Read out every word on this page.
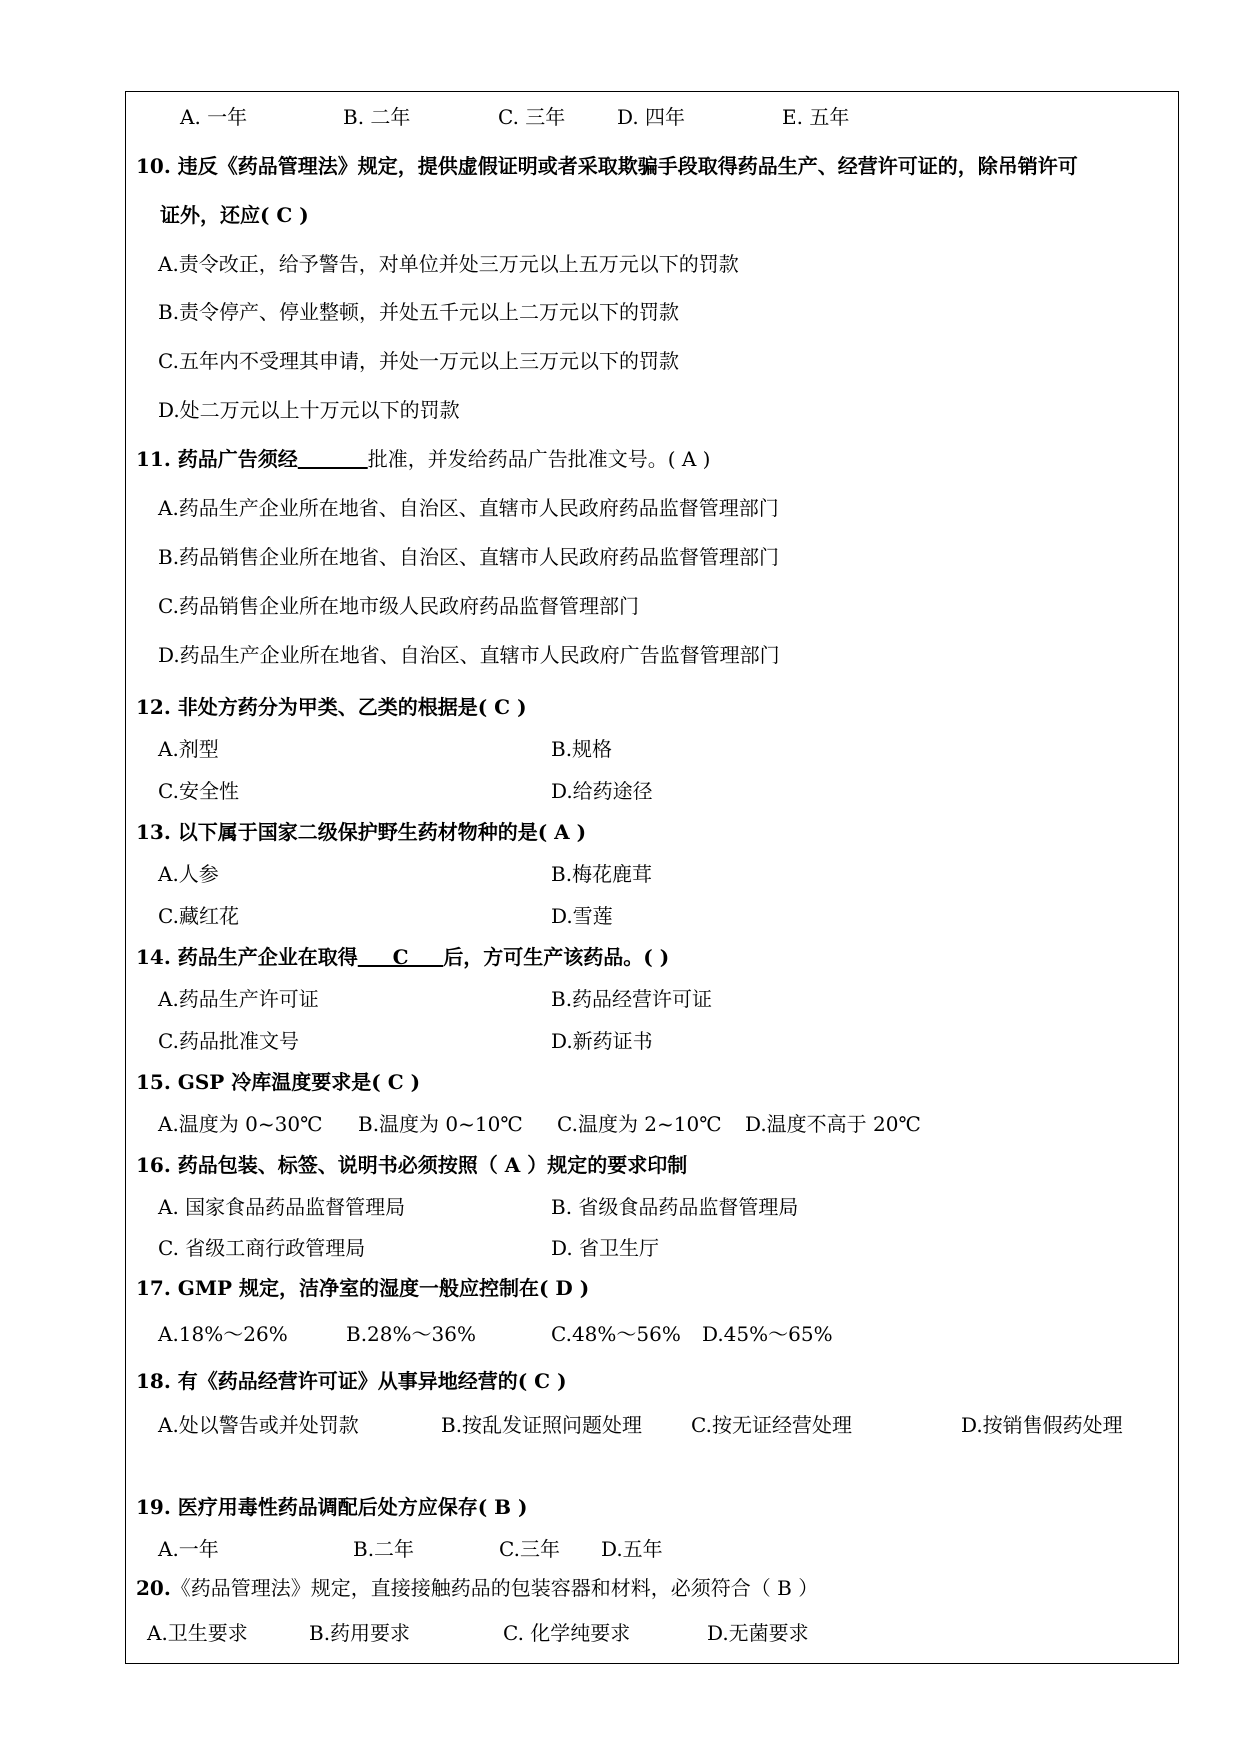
A. 一年	B. 二年	C. 三年	D. 四年	E. 五年
10. 违反《药品管理法》规定，提供虚假证明或者采取欺骗手段取得药品生产、经营许可证的，除吊销许可
证外，还应( C )
A.责令改正，给予警告，对单位并处三万元以上五万元以下的罚款
B.责令停产、停业整顿，并处五千元以上二万元以下的罚款
C.五年内不受理其申请，并处一万元以上三万元以下的罚款
D.处二万元以上十万元以下的罚款
11. 药品广告须经	批准，并发给药品广告批准文号。( A )
A.药品生产企业所在地省、自治区、直辖市人民政府药品监督管理部门
B.药品销售企业所在地省、自治区、直辖市人民政府药品监督管理部门
C.药品销售企业所在地市级人民政府药品监督管理部门
D.药品生产企业所在地省、自治区、直辖市人民政府广告监督管理部门
12. 非处方药分为甲类、乙类的根据是( C )
A.剂型	B.规格
C.安全性	D.给药途径
13. 以下属于国家二级保护野生药材物种的是( A )
A.人参	B.梅花鹿茸
C.藏红花	D.雪莲
14. 药品生产企业在取得     C     后，方可生产该药品。( )
A.药品生产许可证	B.药品经营许可证
C.药品批准文号	D.新药证书
15. GSP 冷库温度要求是( C )
A.温度为 0~30℃ B.温度为 0~10℃ C.温度为 2~10℃ D.温度不高于 20℃
16. 药品包装、标签、说明书必须按照（ A ）规定的要求印制
A. 国家食品药品监督管理局	B. 省级食品药品监督管理局
C. 省级工商行政管理局	D. 省卫生厅
17. GMP 规定，洁净室的湿度一般应控制在( D )
A.18%～26%	B.28%～36%	C.48%～56% D.45%～65%
18. 有《药品经营许可证》从事异地经营的( C )
A.处以警告或并处罚款	B.按乱发证照问题处理 C.按无证经营处理	D.按销售假药处理
19. 医疗用毒性药品调配后处方应保存( B )
A.一年	B.二年	C.三年 D.五年
20.《药品管理法》规定，直接接触药品的包装容器和材料，必须符合（ B ）
A.卫生要求	B.药用要求	C. 化学纯要求	D.无菌要求
